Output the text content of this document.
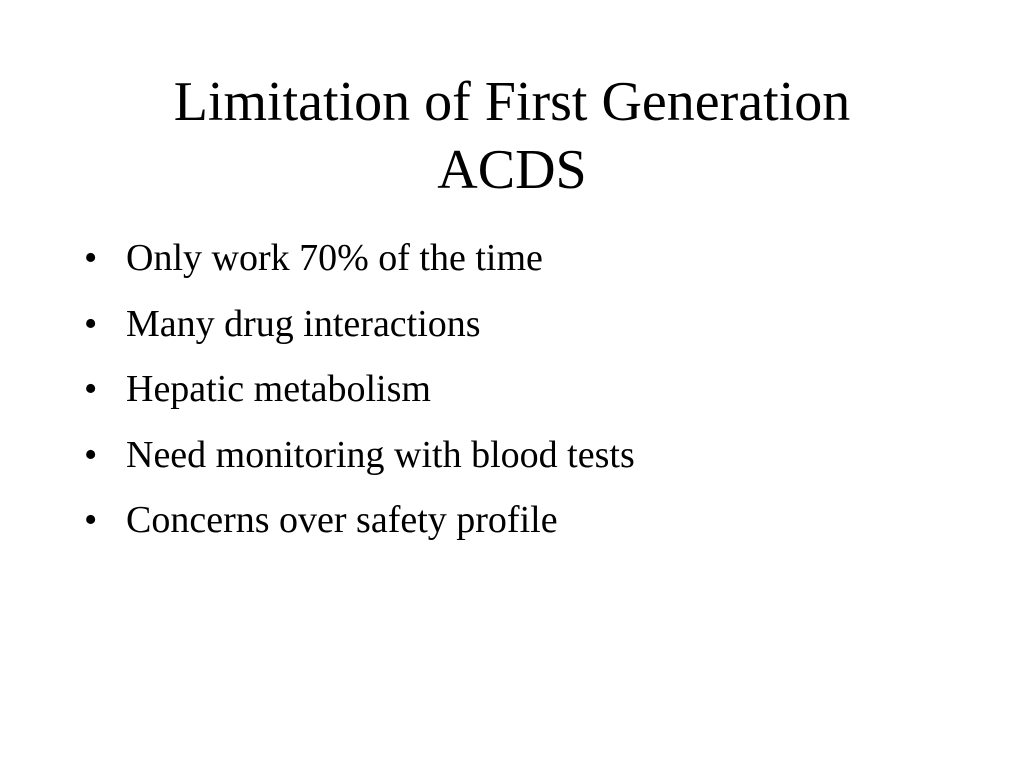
Limitation of First Generation
ACDS
• Only work 70% of the time
• Many drug interactions
• Hepatic metabolism
• Need monitoring with blood tests
• Concerns over safety profile
